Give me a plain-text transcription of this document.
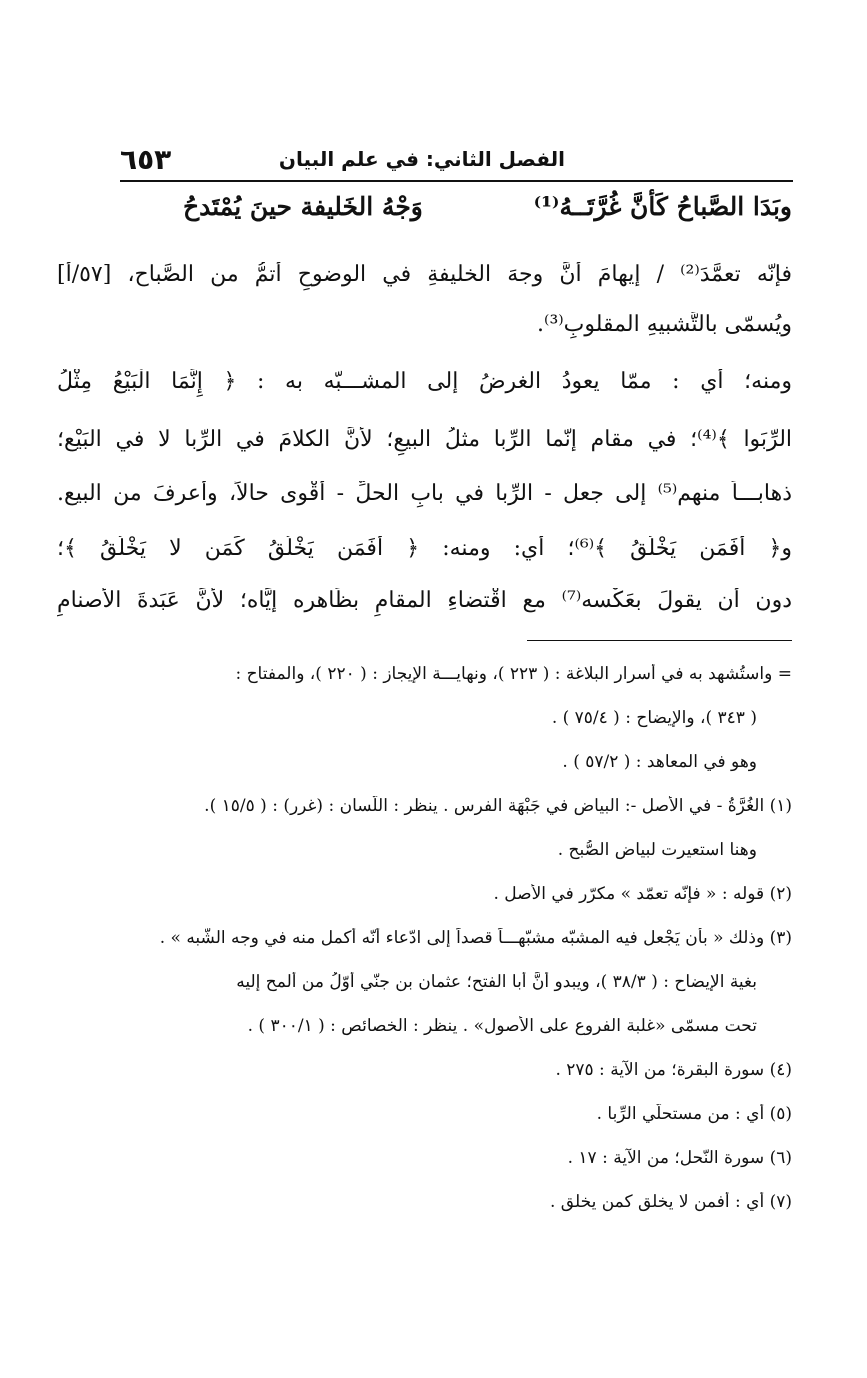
الفصل الثاني: في علم البيان
٦٥٣
وبَدَا الصَّباحُ كَأنَّ غُرَّتَــهُ⁽¹⁾
وَجْهُ الخَليفة حينَ يُمْتَدحُ
فإنّه تعمَّدَ⁽²⁾ / إيهامَ أنَّ وجهَ الخليفةِ في الوضوحِ أتمُّ من الصَّباح، [٥٧/أ]
ويُسمّى بالتَّشبيهِ المقلوبِ⁽³⁾.
ومنه؛ أي : ممّا يعودُ الغرضُ إلى المشـــبّه به : ﴿ إِنَّمَا الْبَيْعُ مِثْلُ
الرِّبَوا ﴾⁽⁴⁾؛ في مقام إنّما الرِّبا مثلُ البيعِ؛ لأنَّ الكلامَ في الرِّبا لا في البَيْع؛
ذهابـــاً منهم⁽⁵⁾ إلى جعل - الرِّبا في بابِ الحلِّ - أقْوى حالاً، وأعرفَ من البيع.
و﴿ أَفَمَن يَخْلُقُ ﴾⁽⁶⁾؛ أي: ومنه: ﴿ أَفَمَن يَخْلُقُ كَمَن لا يَخْلُقُ ﴾؛
دون أن يقولَ بعَكْسه⁽⁷⁾ مع اقْتضاءِ المقامِ بظَاهره إيَّاه؛ لأنَّ عَبَدةَ الأصنامِ
= واستُشهد به في أسرار البلاغة : ( ٢٢٣ )، ونهايـــة الإيجاز : ( ٢٢٠ )، والمفتاح :
( ٣٤٣ )، والإيضاح : ( ٧٥/٤ ) .
وهو في المعاهد : ( ٥٧/٢ ) .
(١) الغُرَّةُ - في الأصل -: البياض في جَبْهَة الفرس . ينظر : اللّسان : (غرر) : ( ١٥/٥ ).
وهنا استعيرت لبياض الصُّبح .
(٢) قوله : « فإنّه تعمّد » مكرّر في الأصل .
(٣) وذلك « بأن يَجْعل فيه المشبّه مشبّهـــاً قصداً إلى ادّعاء أنّه أكمل منه في وجه الشّبه » .
بغية الإيضاح : ( ٣٨/٣ )، ويبدو أنَّ أبا الفتح؛ عثمان بن جنّي أوّلُ من ألمح إليه
تحت مسمّى «غلبة الفروع على الأصول» . ينظر : الخصائص : ( ٣٠٠/١ ) .
(٤) سورة البقرة؛ من الآية : ٢٧٥ .
(٥) أي : من مستحلّي الرِّبا .
(٦) سورة النّحل؛ من الآية : ١٧ .
(٧) أي : أفمن لا يخلق كمن يخلق .
